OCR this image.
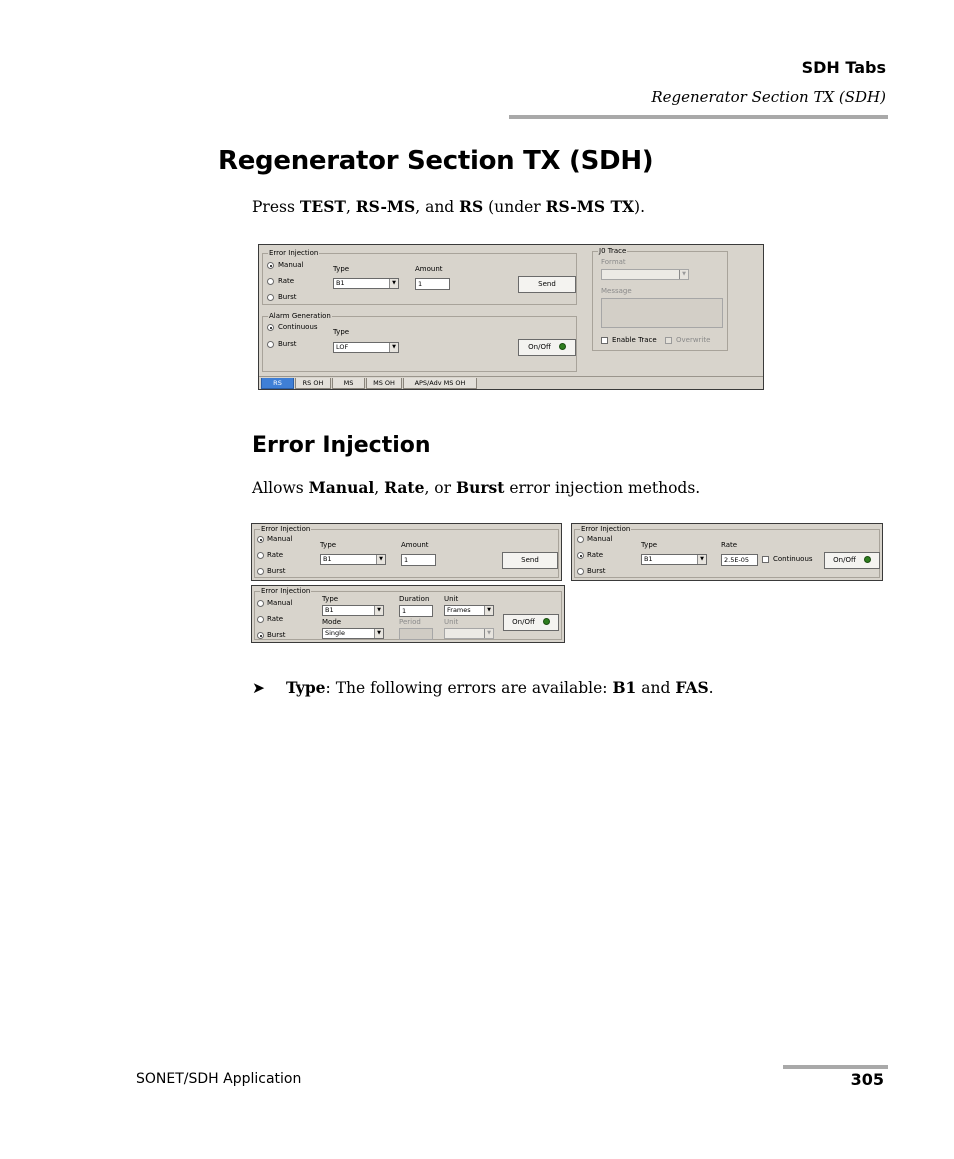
SDH Tabs
Regenerator Section TX (SDH)
Regenerator Section TX (SDH)

Press TEST, RS-MS, and RS (under RS-MS TX).

Error Injection
Manual
Rate
Burst
Type
B1	▼
Amount
1	Send
Alarm Generation
Continuous
Burst
Type
LOF	▼	On/Off
J0 Trace
Format
▼
Message
Enable Trace	Overwrite
RS	RS OH	MS	MS OH	APS/Adv MS OH
Error Injection

Allows Manual, Rate, or Burst error injection methods.

Error Injection
Manual
Rate
Burst
Type
B1	▼
Amount
1	Send
Error Injection
Manual
Rate
Burst
Type
B1	▼
Rate
2.5E-05	Continuous	On/Off
Error Injection
Manual
Rate
Burst
Type
B1	▼
Mode
Single	▼
Duration
1
Period
Unit
Frames	▼
Unit
▼
On/Off

➤ Type: The following errors are available: B1 and FAS.

SONET/SDH Application	305
